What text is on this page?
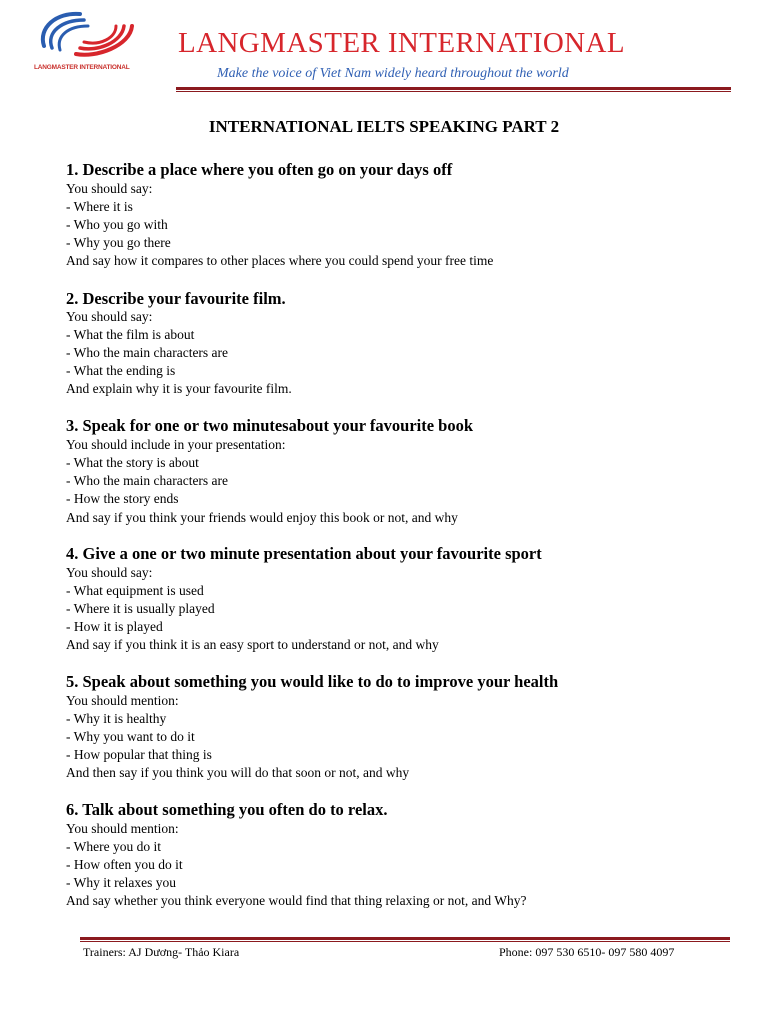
LANGMASTER INTERNATIONAL
LANGMASTER INTERNATIONAL
Make the voice of Viet Nam widely heard throughout the world
INTERNATIONAL IELTS SPEAKING PART 2
1. Describe a place where you often go on your days off
You should say:
- Where it is
- Who you go with
- Why you go there
And say how it compares to other places where you could spend your free time
2. Describe your favourite film.
You should say:
- What the film is about
- Who the main characters are
- What the ending is
And explain why it is your favourite film.
3. Speak for one or two minutesabout your favourite book
You should include in your presentation:
- What the story is about
- Who the main characters are
- How the story ends
And say if you think your friends would enjoy this book or not, and why
4. Give a one or two minute presentation about your favourite sport
You should say:
- What equipment is used
- Where it is usually played
- How it is played
And say if you think it is an easy sport to understand or not, and why
5. Speak about something you would like to do to improve your health
You should mention:
- Why it is healthy
- Why you want to do it
- How popular that thing is
And then say if you think you will do that soon or not, and why
6. Talk about something you often do to relax.
You should mention:
- Where you do it
- How often you do it
- Why it relaxes you
And say whether you think everyone would find that thing relaxing or not, and Why?
Trainers: AJ Dương- Thảo Kiara	Phone: 097 530 6510- 097 580 4097
